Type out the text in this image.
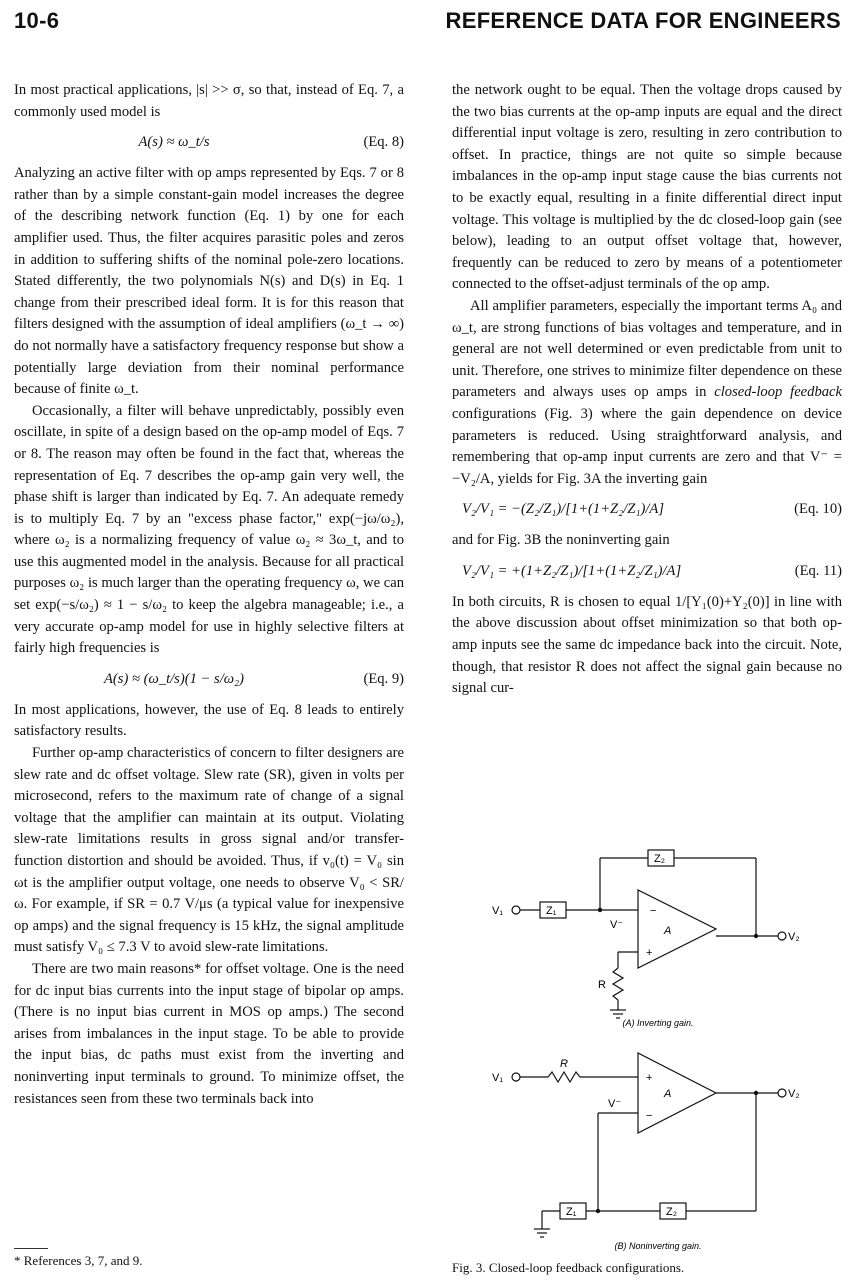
10-6	REFERENCE DATA FOR ENGINEERS

In most practical applications, |s| >> σ, so that, instead of Eq. 7, a commonly used model is

A(s) ≈ ω_t/s	(Eq. 8)

Analyzing an active filter with op amps represented by Eqs. 7 or 8 rather than by a simple constant-gain model increases the degree of the describing network function (Eq. 1) by one for each amplifier used. Thus, the filter acquires parasitic poles and zeros in addition to suffering shifts of the nominal pole-zero locations. Stated differently, the two polynomials N(s) and D(s) in Eq. 1 change from their prescribed ideal form. It is for this reason that filters designed with the assumption of ideal amplifiers (ω_t → ∞) do not normally have a satisfactory frequency response but show a potentially large deviation from their nominal performance because of finite ω_t.

Occasionally, a filter will behave unpredictably, possibly even oscillate, in spite of a design based on the op-amp model of Eqs. 7 or 8. The reason may often be found in the fact that, whereas the representation of Eq. 7 describes the op-amp gain very well, the phase shift is larger than indicated by Eq. 7. An adequate remedy is to multiply Eq. 7 by an "excess phase factor," exp(−jω/ω₂), where ω₂ is a normalizing frequency of value ω₂ ≈ 3ω_t, and to use this augmented model in the analysis. Because for all practical purposes ω₂ is much larger than the operating frequency ω, we can set exp(−s/ω₂) ≈ 1 − s/ω₂ to keep the algebra manageable; i.e., a very accurate op-amp model for use in highly selective filters at fairly high frequencies is

A(s) ≈ (ω_t/s)(1 − s/ω₂)	(Eq. 9)

In most applications, however, the use of Eq. 8 leads to entirely satisfactory results.

Further op-amp characteristics of concern to filter designers are slew rate and dc offset voltage. Slew rate (SR), given in volts per microsecond, refers to the maximum rate of change of a signal voltage that the amplifier can maintain at its output. Violating slew-rate limitations results in gross signal and/or transfer-function distortion and should be avoided. Thus, if v₀(t) = V₀ sin ωt is the amplifier output voltage, one needs to observe V₀ < SR/ω. For example, if SR = 0.7 V/μs (a typical value for inexpensive op amps) and the signal frequency is 15 kHz, the signal amplitude must satisfy V₀ ≤ 7.3 V to avoid slew-rate limitations.

There are two main reasons* for offset voltage. One is the need for dc input bias currents into the input stage of bipolar op amps. (There is no input bias current in MOS op amps.) The second arises from imbalances in the input stage. To be able to provide the input bias, dc paths must exist from the inverting and noninverting input terminals to ground. To minimize offset, the resistances seen from these two terminals back into

the network ought to be equal. Then the voltage drops caused by the two bias currents at the op-amp inputs are equal and the direct differential input voltage is zero, resulting in zero contribution to offset. In practice, things are not quite so simple because imbalances in the op-amp input stage cause the bias currents not to be exactly equal, resulting in a finite differential direct input voltage. This voltage is multiplied by the dc closed-loop gain (see below), leading to an output offset voltage that, however, frequently can be reduced to zero by means of a potentiometer connected to the offset-adjust terminals of the op amp.

All amplifier parameters, especially the important terms A₀ and ω_t, are strong functions of bias voltages and temperature, and in general are not well determined or even predictable from unit to unit. Therefore, one strives to minimize filter dependence on these parameters and always uses op amps in closed-loop feedback configurations (Fig. 3) where the gain dependence on device parameters is reduced. Using straightforward analysis, and remembering that op-amp input currents are zero and that V⁻ = −V₂/A, yields for Fig. 3A the inverting gain

V₂/V₁ = −(Z₂/Z₁)/[1+(1+Z₂/Z₁)/A]	(Eq. 10)

and for Fig. 3B the noninverting gain

V₂/V₁ = +(1+Z₂/Z₁)/[1+(1+Z₂/Z₁)/A]	(Eq. 11)

In both circuits, R is chosen to equal 1/[Y₁(0)+Y₂(0)] in line with the above discussion about offset minimization so that both op-amp inputs see the same dc impedance back into the circuit. Note, though, that resistor R does not affect the signal gain because no signal cur-

V₁	Z₁
Z₂
V⁻
−
+
A	V₂
R
(A) Inverting gain.
V₁
R
V⁻
+
−
A	V₂
Z₁	Z₂
(B) Noninverting gain.
Fig. 3. Closed-loop feedback configurations.
* References 3, 7, and 9.
